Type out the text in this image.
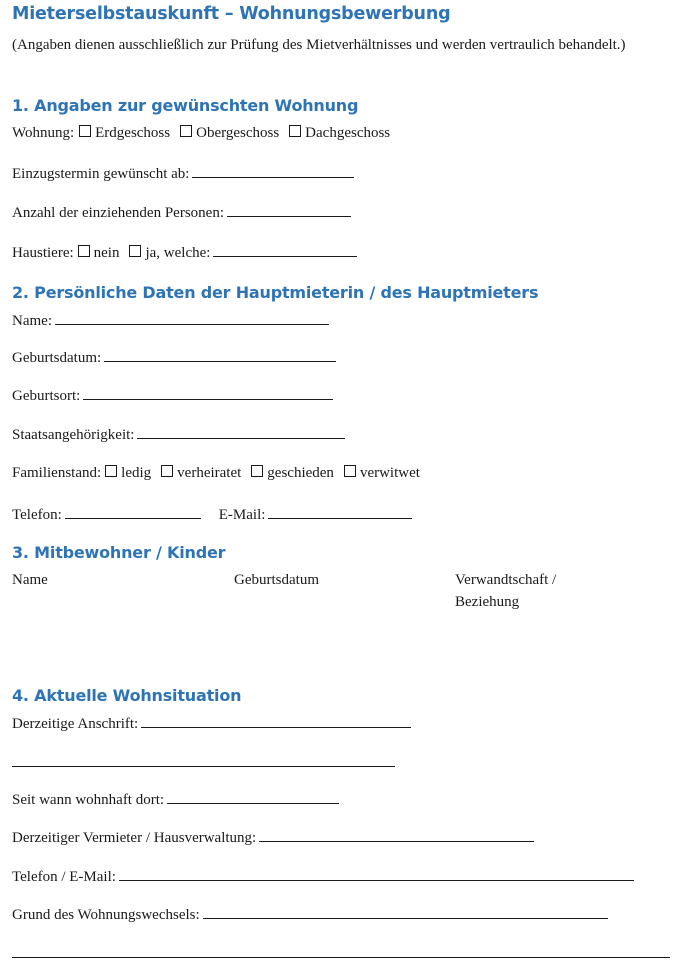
Mieterselbstauskunft – Wohnungsbewerbung

(Angaben dienen ausschließlich zur Prüfung des Mietverhältnisses und werden vertraulich behandelt.)

1. Angaben zur gewünschten Wohnung
Wohnung: Erdgeschoss Obergeschoss Dachgeschoss
Einzugstermin gewünscht ab:
Anzahl der einziehenden Personen:
Haustiere: nein ja, welche:
2. Persönliche Daten der Hauptmieterin / des Hauptmieters
Name:
Geburtsdatum:
Geburtsort:
Staatsangehörigkeit:
Familienstand: ledig verheiratet geschieden verwitwet
Telefon:	E-Mail:
3. Mitbewohner / Kinder

Name	Geburtsdatum	Verwandtschaft / Beziehung

4. Aktuelle Wohnsituation
Derzeitige Anschrift:
Seit wann wohnhaft dort:
Derzeitiger Vermieter / Hausverwaltung:
Telefon / E-Mail:
Grund des Wohnungswechsels:
